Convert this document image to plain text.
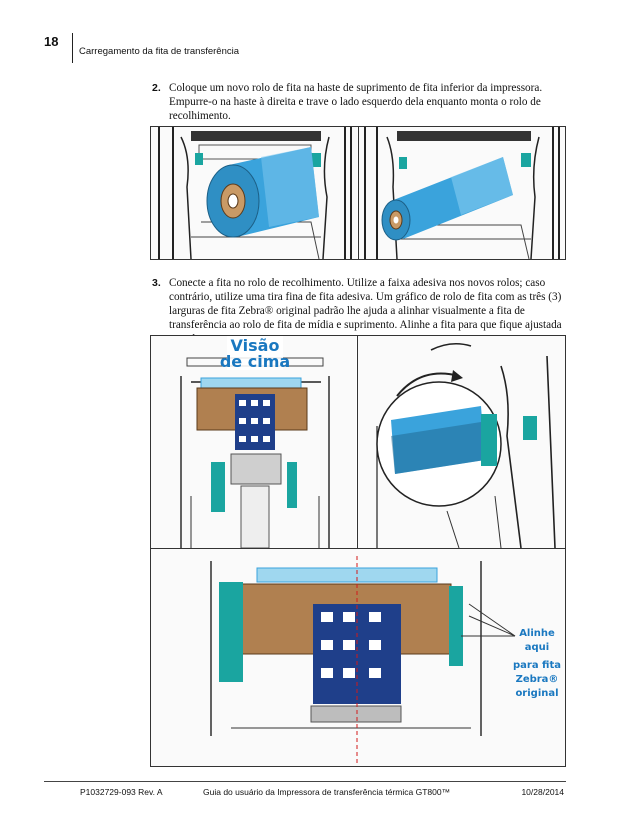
18
Carregamento da fita de transferência
2. Coloque um novo rolo de fita na haste de suprimento de fita inferior da impressora. Empurre-o na haste à direita e trave o lado esquerdo dela enquanto monta o rolo de recolhimento.
3. Conecte a fita no rolo de recolhimento. Utilize a faixa adesiva nos novos rolos; caso contrário, utilize uma tira fina de fita adesiva. Um gráfico de rolo de fita com as três (3) larguras de fita Zebra® original padrão lhe ajuda a alinhar visualmente a fita de transferência ao rolo de fita de mídia e suprimento. Alinhe a fita para que fique ajustada
Visão
de cima
Alinhe
aqui
para fita
Zebra®
original
P1032729-093 Rev. A	Guia do usuário da Impressora de transferência térmica GT800™	10/28/2014
